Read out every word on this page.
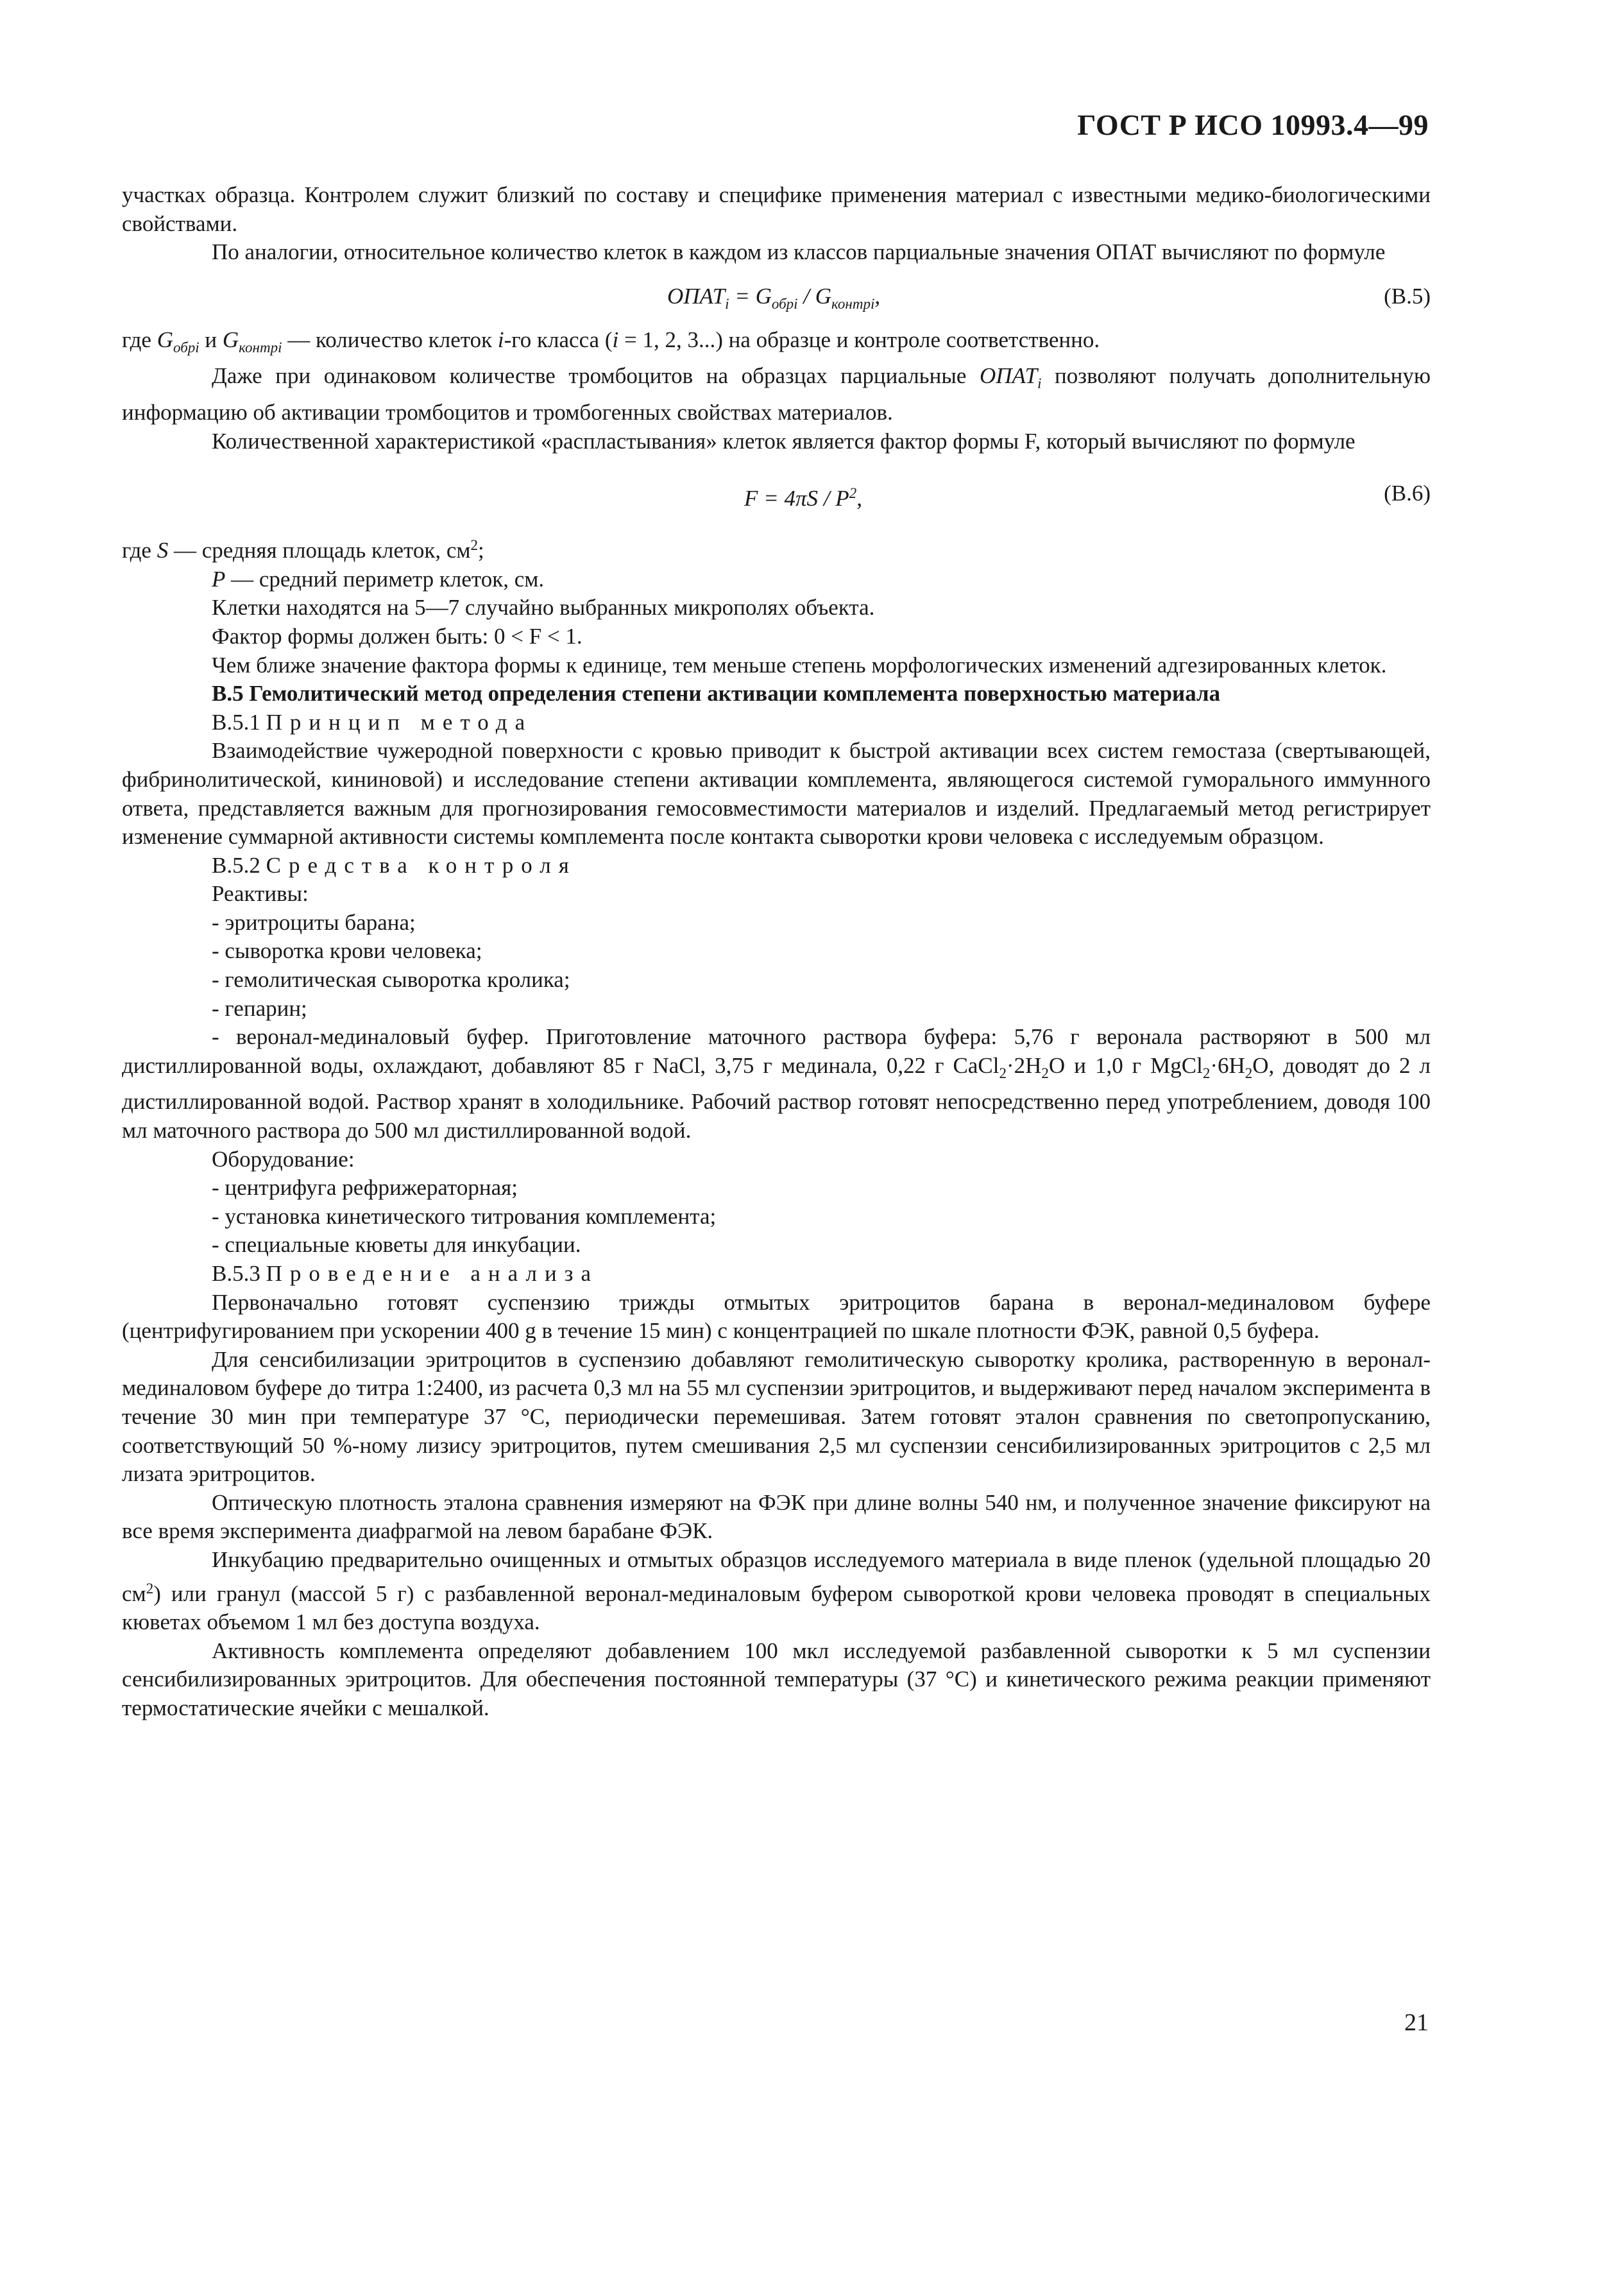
ГОСТ Р ИСО 10993.4—99

участках образца. Контролем служит близкий по составу и специфике применения материал с известными медико-биологическими свойствами.

По аналогии, относительное количество клеток в каждом из классов парциальные значения ОПАТ вычисляют по формуле

$ОПАТ_i = G_{обрi} / G_{контрi}$,	(В.5)

где $G_{обрi}$ и $G_{контрi}$ — количество клеток i-го класса (i = 1, 2, 3...) на образце и контроле соответственно.

Даже при одинаковом количестве тромбоцитов на образцах парциальные $ОПАТ_i$ позволяют получать дополнительную информацию об активации тромбоцитов и тромбогенных свойствах материалов.

Количественной характеристикой «распластывания» клеток является фактор формы F, который вычисляют по формуле

$F = 4\pi S / P^2$,	(В.6)

где S — средняя площадь клеток, $см^2$;

P — средний периметр клеток, см.

Клетки находятся на 5—7 случайно выбранных микрополях объекта.

Фактор формы должен быть: 0 < F < 1.

Чем ближе значение фактора формы к единице, тем меньше степень морфологических изменений адгезированных клеток.

В.5 Гемолитический метод определения степени активации комплемента поверхностью материала

В.5.1 Принцип метода

Взаимодействие чужеродной поверхности с кровью приводит к быстрой активации всех систем гемостаза (свертывающей, фибринолитической, кининовой) и исследование степени активации комплемента, являющегося системой гуморального иммунного ответа, представляется важным для прогнозирования гемосовместимости материалов и изделий. Предлагаемый метод регистрирует изменение суммарной активности системы комплемента после контакта сыворотки крови человека с исследуемым образцом.

В.5.2 Средства контроля

Реактивы:

- эритроциты барана;

- сыворотка крови человека;

- гемолитическая сыворотка кролика;

- гепарин;

- веронал-мединаловый буфер. Приготовление маточного раствора буфера: 5,76 г веронала растворяют в 500 мл дистиллированной воды, охлаждают, добавляют 85 г NaCl, 3,75 г мединала, 0,22 г $CaCl_2\cdot 2H_2O$ и 1,0 г $MgCl_2\cdot 6H_2O$, доводят до 2 л дистиллированной водой. Раствор хранят в холодильнике. Рабочий раствор готовят непосредственно перед употреблением, доводя 100 мл маточного раствора до 500 мл дистиллированной водой.

Оборудование:

- центрифуга рефрижераторная;

- установка кинетического титрования комплемента;

- специальные кюветы для инкубации.

В.5.3 Проведение анализа

Первоначально готовят суспензию трижды отмытых эритроцитов барана в веронал-мединаловом буфере (центрифугированием при ускорении 400 g в течение 15 мин) с концентрацией по шкале плотности ФЭК, равной 0,5 буфера.

Для сенсибилизации эритроцитов в суспензию добавляют гемолитическую сыворотку кролика, растворенную в веронал-мединаловом буфере до титра 1:2400, из расчета 0,3 мл на 55 мл суспензии эритроцитов, и выдерживают перед началом эксперимента в течение 30 мин при температуре 37 °С, периодически перемешивая. Затем готовят эталон сравнения по светопропусканию, соответствующий 50 %-ному лизису эритроцитов, путем смешивания 2,5 мл суспензии сенсибилизированных эритроцитов с 2,5 мл лизата эритроцитов.

Оптическую плотность эталона сравнения измеряют на ФЭК при длине волны 540 нм, и полученное значение фиксируют на все время эксперимента диафрагмой на левом барабане ФЭК.

Инкубацию предварительно очищенных и отмытых образцов исследуемого материала в виде пленок (удельной площадью 20 $см^2$) или гранул (массой 5 г) с разбавленной веронал-мединаловым буфером сывороткой крови человека проводят в специальных кюветах объемом 1 мл без доступа воздуха.

Активность комплемента определяют добавлением 100 мкл исследуемой разбавленной сыворотки к 5 мл суспензии сенсибилизированных эритроцитов. Для обеспечения постоянной температуры (37 °С) и кинетического режима реакции применяют термостатические ячейки с мешалкой.

21
